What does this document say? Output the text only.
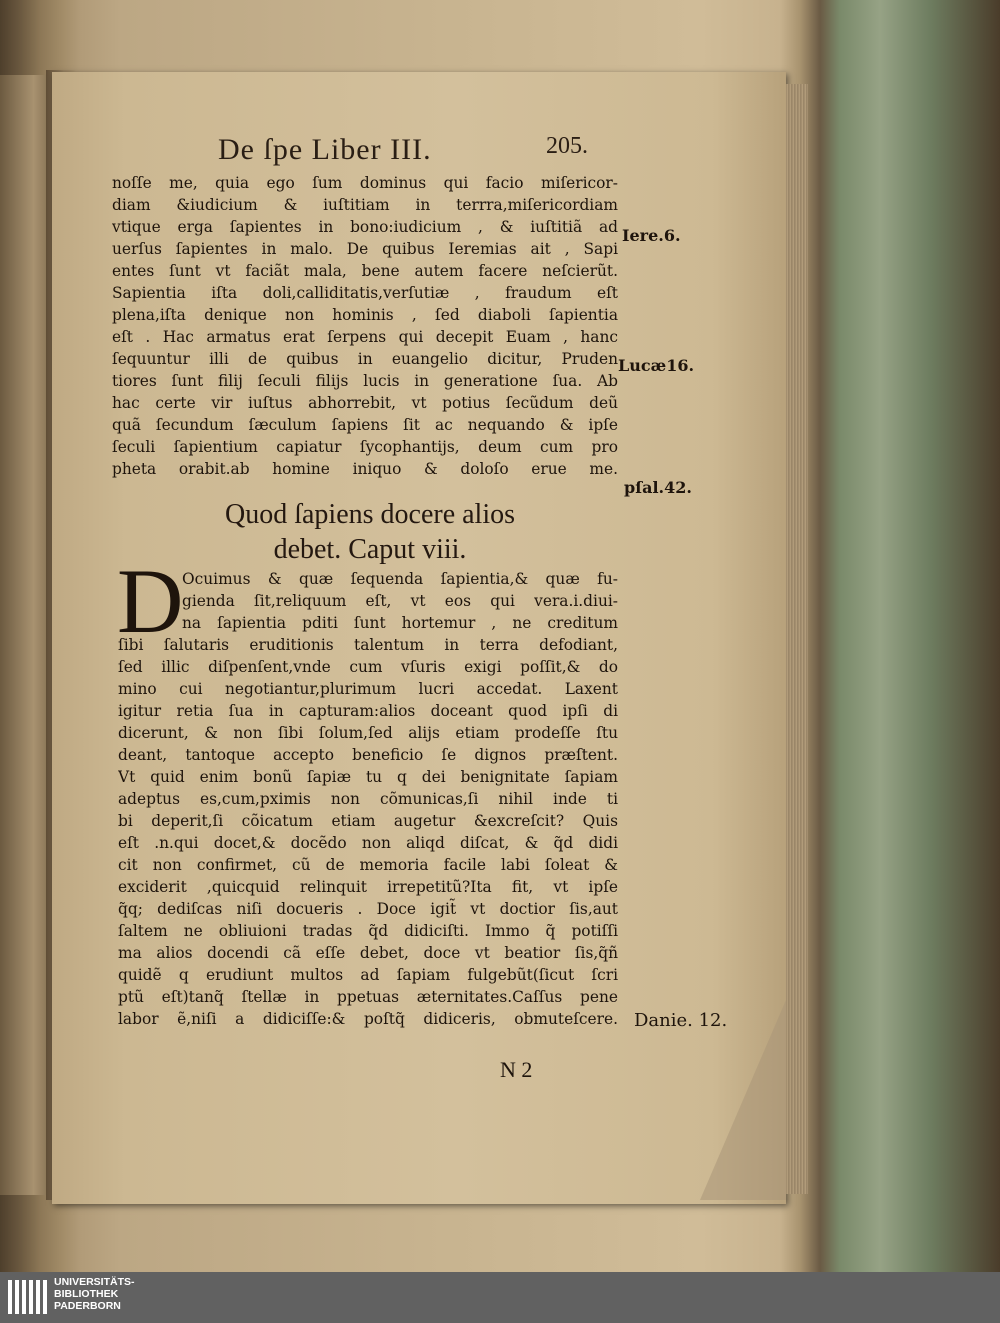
De ſpe Liber III.	205.
noſſe me, quia ego ſum dominus qui facio miſericor-
diam &iudicium & iuſtitiam in terrra,miſericordiam
vtique erga ſapientes in bono:iudicium , & iuſtitiã ad
uerſus ſapientes in malo. De quibus Ieremias ait , Sapi
entes ſunt vt faciãt mala, bene autem facere neſcierũt.
Sapientia iſta doli,calliditatis,verſutiæ , fraudum eſt
plena,iſta denique non hominis , ſed diaboli ſapientia
eſt . Hac armatus erat ſerpens qui decepit Euam , hanc
ſequuntur illi de quibus in euangelio dicitur, Pruden
tiores ſunt filij ſeculi filijs lucis in generatione ſua. Ab
hac certe vir iuſtus abhorrebit, vt potius ſecũdum deũ
quã ſecundum ſæculum ſapiens ſit ac nequando & ipſe
ſeculi ſapientium capiatur ſycophantijs, deum cum pro
pheta orabit.ab homine iniquo & doloſo erue me.
Iere.6.
Lucæ16.
pſal.42.
Quod ſapiens docere alios
debet. Caput viii.
D
Ocuimus & quæ ſequenda ſapientia,& quæ fu-
gienda ſit,reliquum eſt, vt eos qui vera.i.diui-
na ſapientia pditi ſunt hortemur , ne creditum
ſibi ſalutaris eruditionis talentum in terra defodiant,
ſed illic diſpenſent,vnde cum vſuris exigi poſſit,& do
mino cui negotiantur,plurimum lucri accedat. Laxent
igitur retia ſua in capturam:alios doceant quod ipſi di
dicerunt, & non ſibi ſolum,ſed alijs etiam prodeſſe ſtu
deant, tantoque accepto beneficio ſe dignos præſtent.
Vt quid enim bonũ ſapiæ tu q dei benignitate ſapiam
adeptus es,cum,pximis non cõmunicas,ſi nihil inde ti
bi deperit,ſi cõicatum etiam augetur &excreſcit? Quis
eſt .n.qui docet,& docẽdo non aliqd diſcat, & q̃d didi
cit non confirmet, cũ de memoria facile labi ſoleat &
exciderit ,quicquid relinquit irrepetitũ?Ita fit, vt ipſe
q̃q; dediſcas niſi docueris . Doce igit̃ vt doctior ſis,aut
ſaltem ne obliuioni tradas q̃d didiciſti. Immo q̃ potiſſi
ma alios docendi cã eſſe debet, doce vt beatior ſis,q̃ñ
quidẽ q erudiunt multos ad ſapiam fulgebũt(ſicut ſcri
ptũ eſt)tanq̃ ſtellæ in ppetuas æternitates.Caſſus pene
labor ẽ,niſi a didiciſſe:& poſtq̃ didiceris, obmuteſcere. Danie. 12.
N 2
UNIVERSITÄTS-
BIBLIOTHEK
PADERBORN
